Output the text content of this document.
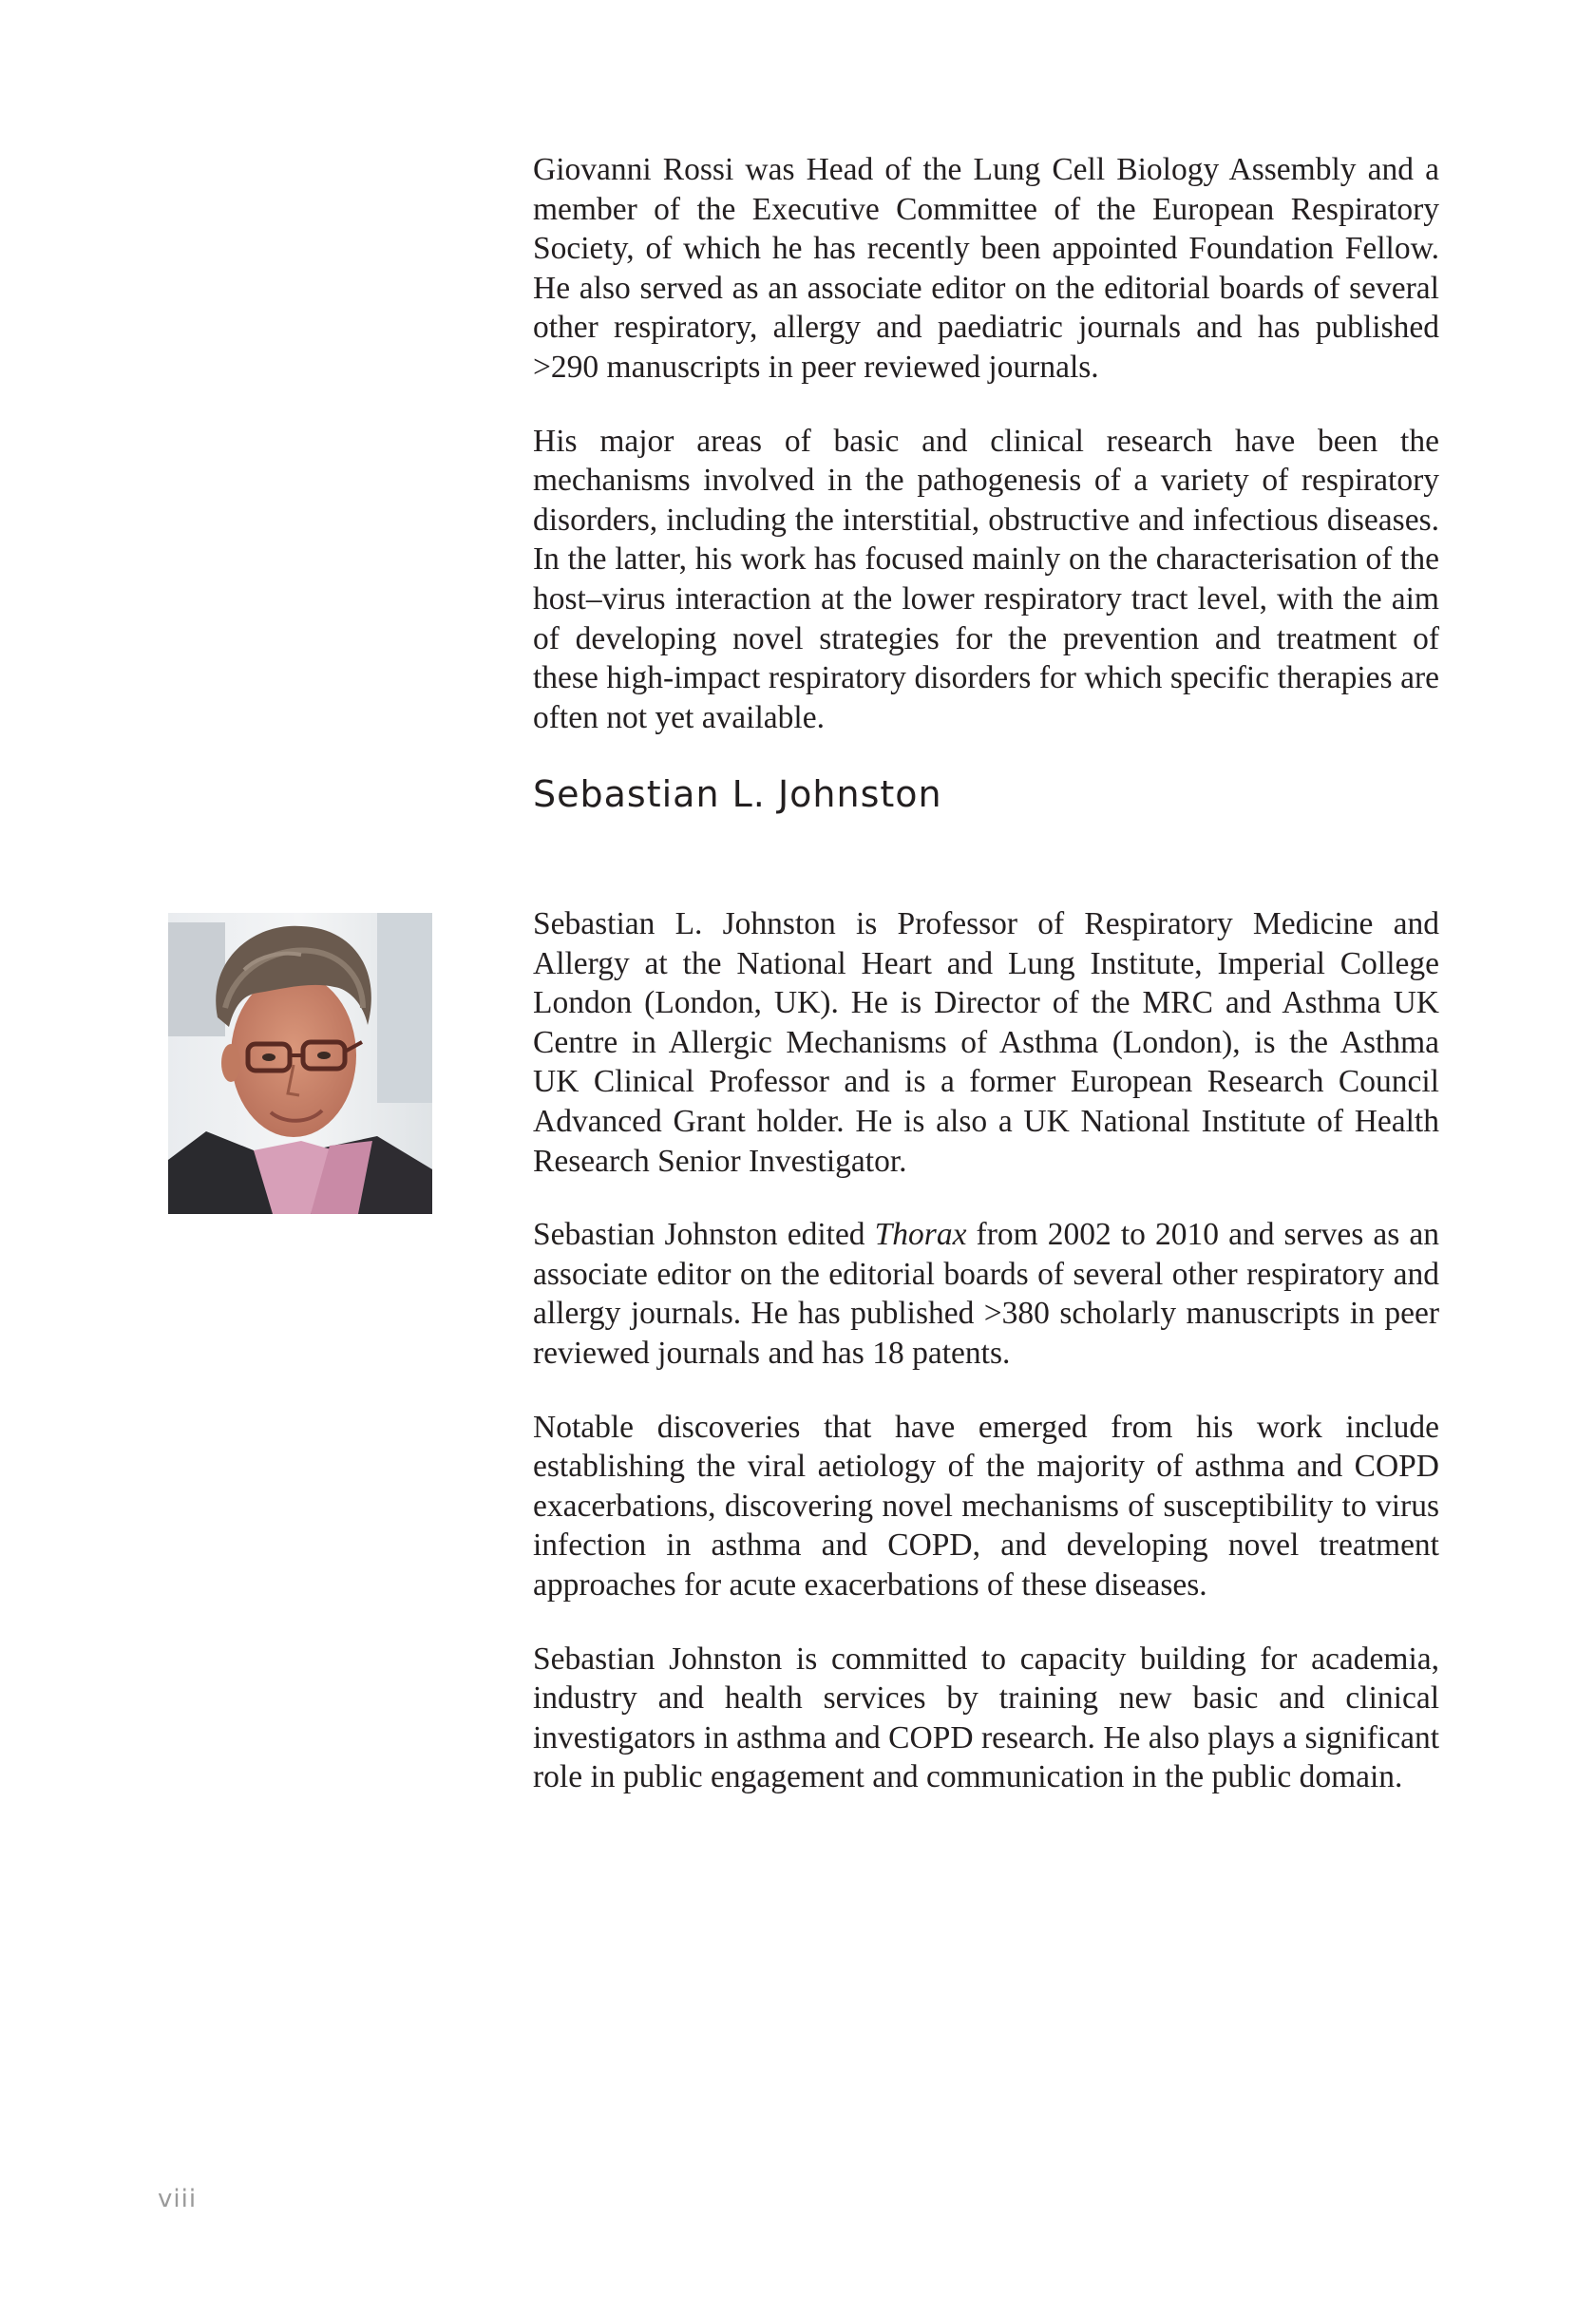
Giovanni Rossi was Head of the Lung Cell Biology Assembly and a member of the Executive Committee of the European Respiratory Society, of which he has recently been appointed Foundation Fellow. He also served as an associate editor on the editorial boards of several other respiratory, allergy and paediatric journals and has published >290 manuscripts in peer reviewed journals.

His major areas of basic and clinical research have been the mechanisms involved in the pathogenesis of a variety of respiratory disorders, including the interstitial, obstructive and infectious diseases. In the latter, his work has focused mainly on the characterisation of the host–virus interaction at the lower respiratory tract level, with the aim of developing novel strategies for the prevention and treatment of these high-impact respiratory disorders for which specific therapies are often not yet available.

Sebastian L. Johnston

Sebastian L. Johnston is Professor of Respiratory Medicine and Allergy at the National Heart and Lung Institute, Imperial College London (London, UK). He is Director of the MRC and Asthma UK Centre in Allergic Mechanisms of Asthma (London), is the Asthma UK Clinical Professor and is a former European Research Council Advanced Grant holder. He is also a UK National Institute of Health Research Senior Investigator.

Sebastian Johnston edited Thorax from 2002 to 2010 and serves as an associate editor on the editorial boards of several other respiratory and allergy journals. He has published >380 scholarly manuscripts in peer reviewed journals and has 18 patents.

Notable discoveries that have emerged from his work include establishing the viral aetiology of the majority of asthma and COPD exacerbations, discovering novel mechanisms of susceptibility to virus infection in asthma and COPD, and developing novel treatment approaches for acute exacerbations of these diseases.

Sebastian Johnston is committed to capacity building for academia, industry and health services by training new basic and clinical investigators in asthma and COPD research. He also plays a significant role in public engagement and communication in the public domain.

viii
